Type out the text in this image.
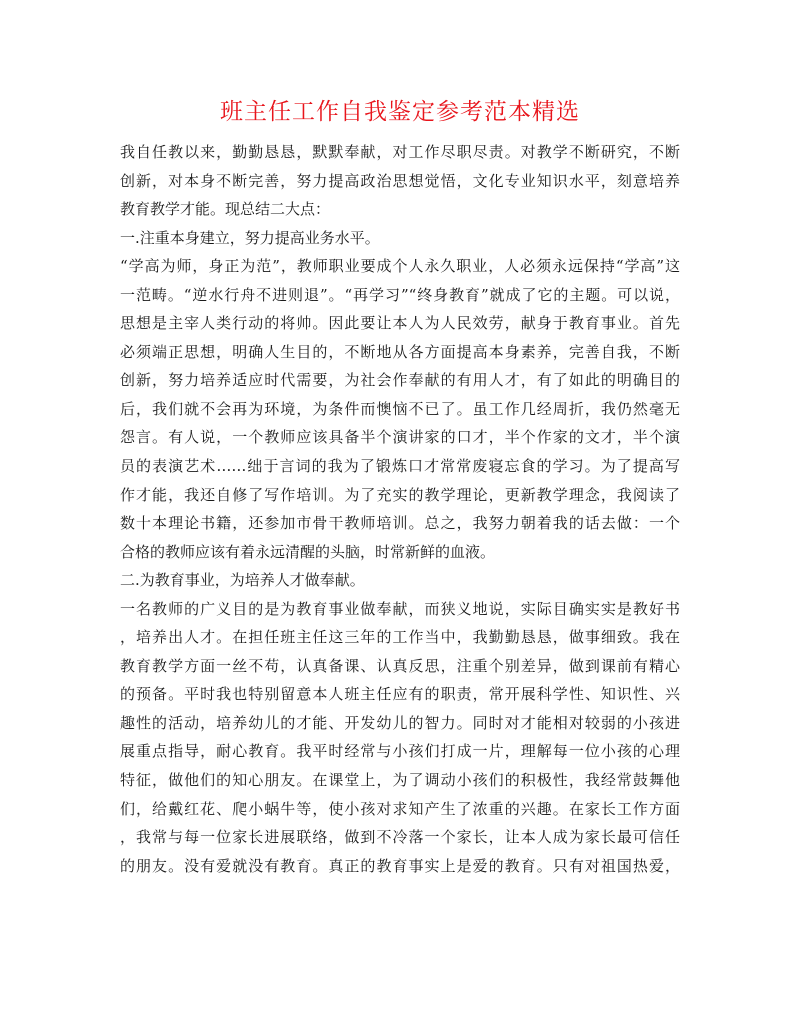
班主任工作自我鉴定参考范本精选
我自任教以来，勤勤恳恳，默默奉献，对工作尽职尽责。对教学不断研究，不断
创新，对本身不断完善，努力提高政治思想觉悟，文化专业知识水平，刻意培养
教育教学才能。现总结二大点：
一.注重本身建立，努力提高业务水平。
“学高为师，身正为范”，教师职业要成个人永久职业，人必须永远保持“学高”这
一范畴。“逆水行舟不进则退”。“再学习”“终身教育”就成了它的主题。可以说，
思想是主宰人类行动的将帅。因此要让本人为人民效劳，献身于教育事业。首先
必须端正思想，明确人生目的，不断地从各方面提高本身素养，完善自我，不断
创新，努力培养适应时代需要，为社会作奉献的有用人才，有了如此的明确目的
后，我们就不会再为环境，为条件而懊恼不已了。虽工作几经周折，我仍然毫无
怨言。有人说，一个教师应该具备半个演讲家的口才，半个作家的文才，半个演
员的表演艺术……绌于言词的我为了锻炼口才常常废寝忘食的学习。为了提高写
作才能，我还自修了写作培训。为了充实的教学理论，更新教学理念，我阅读了
数十本理论书籍，还参加市骨干教师培训。总之，我努力朝着我的话去做：一个
合格的教师应该有着永远清醒的头脑，时常新鲜的血液。
二.为教育事业，为培养人才做奉献。
一名教师的广义目的是为教育事业做奉献，而狭义地说，实际目确实实是教好书
，培养出人才。在担任班主任这三年的工作当中，我勤勤恳恳，做事细致。我在
教育教学方面一丝不苟，认真备课、认真反思，注重个别差异，做到课前有精心
的预备。平时我也特别留意本人班主任应有的职责，常开展科学性、知识性、兴
趣性的活动，培养幼儿的才能、开发幼儿的智力。同时对才能相对较弱的小孩进
展重点指导，耐心教育。我平时经常与小孩们打成一片，理解每一位小孩的心理
特征，做他们的知心朋友。在课堂上，为了调动小孩们的积极性，我经常鼓舞他
们，给戴红花、爬小蜗牛等，使小孩对求知产生了浓重的兴趣。在家长工作方面
，我常与每一位家长进展联络，做到不冷落一个家长，让本人成为家长最可信任
的朋友。没有爱就没有教育。真正的教育事实上是爱的教育。只有对祖国热爱，
